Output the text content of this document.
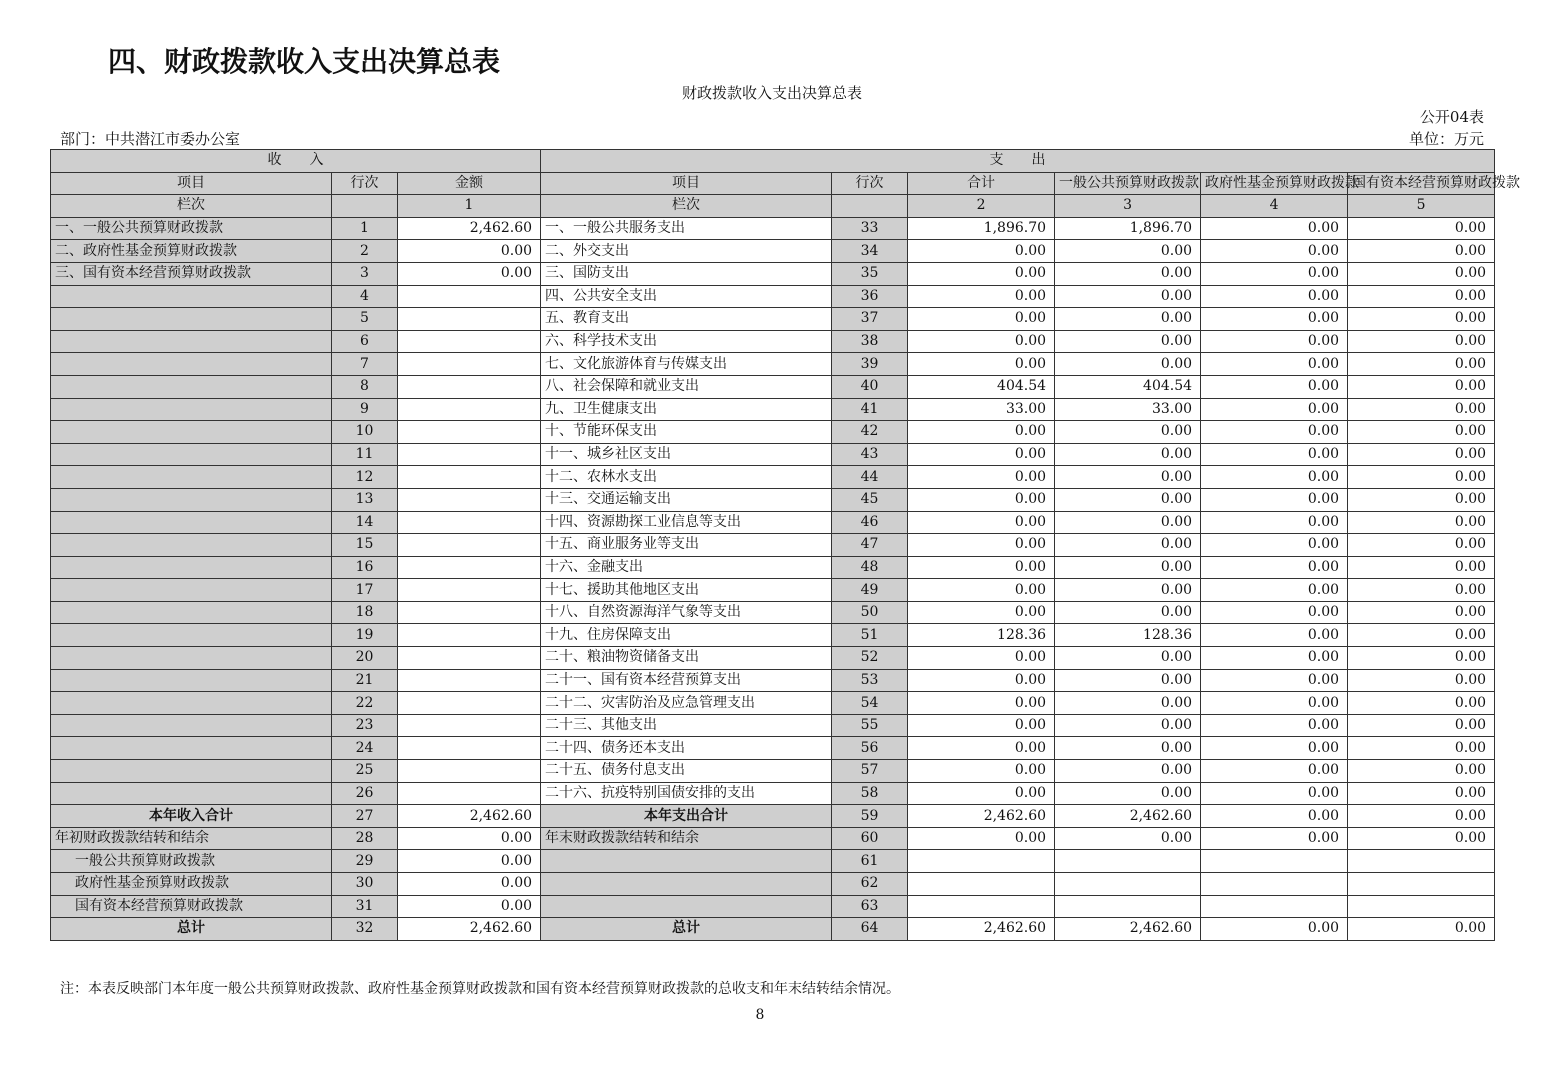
四、财政拨款收入支出决算总表
财政拨款收入支出决算总表
公开04表
部门：中共潜江市委办公室	单位：万元
收　　入			支　　出					
项目	行次	金额	项目	行次	合计	一般公共预算财政拨款	政府性基金预算财政拨款	国有资本经营预算财政拨款
栏次		1	栏次		2	3	4	5
一、一般公共预算财政拨款	1	2,462.60	一、一般公共服务支出	33	1,896.70	1,896.70	0.00	0.00
二、政府性基金预算财政拨款	2	0.00	二、外交支出	34	0.00	0.00	0.00	0.00
三、国有资本经营预算财政拨款	3	0.00	三、国防支出	35	0.00	0.00	0.00	0.00
	4		四、公共安全支出	36	0.00	0.00	0.00	0.00
	5		五、教育支出	37	0.00	0.00	0.00	0.00
	6		六、科学技术支出	38	0.00	0.00	0.00	0.00
	7		七、文化旅游体育与传媒支出	39	0.00	0.00	0.00	0.00
	8		八、社会保障和就业支出	40	404.54	404.54	0.00	0.00
	9		九、卫生健康支出	41	33.00	33.00	0.00	0.00
	10		十、节能环保支出	42	0.00	0.00	0.00	0.00
	11		十一、城乡社区支出	43	0.00	0.00	0.00	0.00
	12		十二、农林水支出	44	0.00	0.00	0.00	0.00
	13		十三、交通运输支出	45	0.00	0.00	0.00	0.00
	14		十四、资源勘探工业信息等支出	46	0.00	0.00	0.00	0.00
	15		十五、商业服务业等支出	47	0.00	0.00	0.00	0.00
	16		十六、金融支出	48	0.00	0.00	0.00	0.00
	17		十七、援助其他地区支出	49	0.00	0.00	0.00	0.00
	18		十八、自然资源海洋气象等支出	50	0.00	0.00	0.00	0.00
	19		十九、住房保障支出	51	128.36	128.36	0.00	0.00
	20		二十、粮油物资储备支出	52	0.00	0.00	0.00	0.00
	21		二十一、国有资本经营预算支出	53	0.00	0.00	0.00	0.00
	22		二十二、灾害防治及应急管理支出	54	0.00	0.00	0.00	0.00
	23		二十三、其他支出	55	0.00	0.00	0.00	0.00
	24		二十四、债务还本支出	56	0.00	0.00	0.00	0.00
	25		二十五、债务付息支出	57	0.00	0.00	0.00	0.00
	26		二十六、抗疫特别国债安排的支出	58	0.00	0.00	0.00	0.00
本年收入合计	27	2,462.60	本年支出合计	59	2,462.60	2,462.60	0.00	0.00
年初财政拨款结转和结余	28	0.00	年末财政拨款结转和结余	60	0.00	0.00	0.00	0.00
一般公共预算财政拨款	29	0.00		61				
政府性基金预算财政拨款	30	0.00		62				
国有资本经营预算财政拨款	31	0.00		63				
总计	32	2,462.60	总计	64	2,462.60	2,462.60	0.00	0.00
注：本表反映部门本年度一般公共预算财政拨款、政府性基金预算财政拨款和国有资本经营预算财政拨款的总收支和年末结转结余情况。
8
